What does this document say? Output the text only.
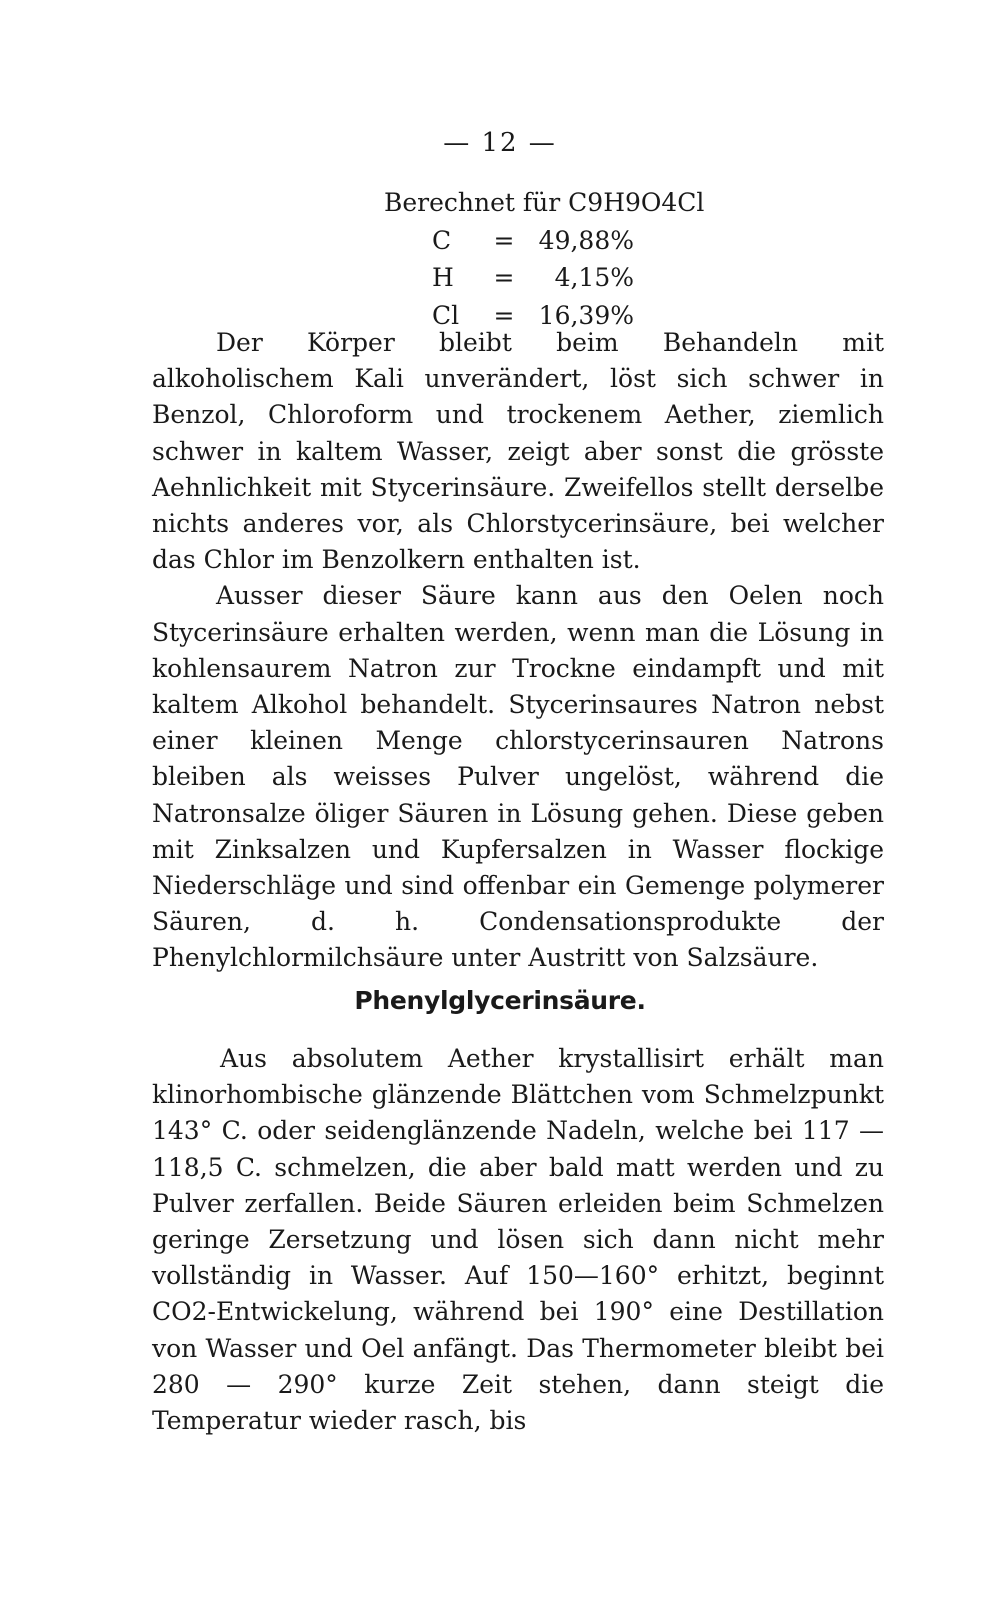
— 12 —
Berechnet für C9H9O4Cl
C	= 49,88%
H	=	4,15%
Cl	= 16,39%

Der Körper bleibt beim Behandeln mit alkoholischem Kali unverändert, löst sich schwer in Benzol, Chloroform und trockenem Aether, ziemlich schwer in kaltem Wasser, zeigt aber sonst die grösste Aehnlichkeit mit Stycerinsäure. Zweifellos stellt derselbe nichts anderes vor, als Chlorstycerinsäure, bei welcher das Chlor im Benzolkern enthalten ist.

Ausser dieser Säure kann aus den Oelen noch Stycerinsäure erhalten werden, wenn man die Lösung in kohlensaurem Natron zur Trockne eindampft und mit kaltem Alkohol behandelt. Stycerinsaures Natron nebst einer kleinen Menge chlorstycerinsauren Natrons bleiben als weisses Pulver ungelöst, während die Natronsalze öliger Säuren in Lösung gehen. Diese geben mit Zinksalzen und Kupfersalzen in Wasser flockige Niederschläge und sind offenbar ein Gemenge polymerer Säuren, d. h. Condensationsprodukte der Phenylchlormilchsäure unter Austritt von Salzsäure.

Phenylglycerinsäure.

Aus absolutem Aether krystallisirt erhält man klinorhombische glänzende Blättchen vom Schmelzpunkt 143° C. oder seidenglänzende Nadeln, welche bei 117 — 118,5 C. schmelzen, die aber bald matt werden und zu Pulver zerfallen. Beide Säuren erleiden beim Schmelzen geringe Zersetzung und lösen sich dann nicht mehr vollständig in Wasser. Auf 150—160° erhitzt, beginnt CO2-Entwickelung, während bei 190° eine Destillation von Wasser und Oel anfängt. Das Thermometer bleibt bei 280 — 290° kurze Zeit stehen, dann steigt die Temperatur wieder rasch, bis
